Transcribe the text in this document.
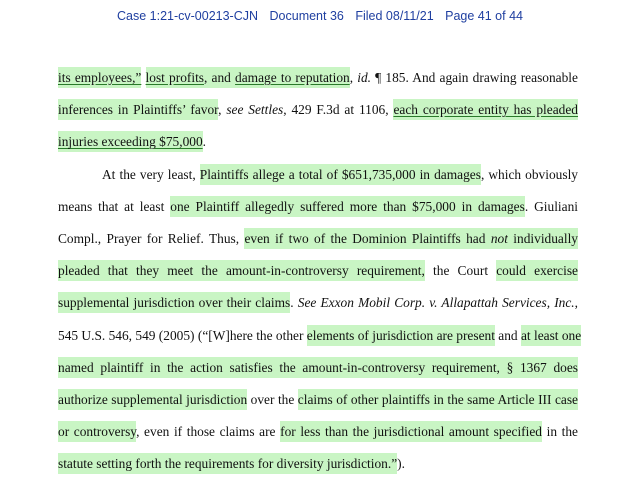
Case 1:21-cv-00213-CJN Document 36 Filed 08/11/21 Page 41 of 44
its employees,” lost profits, and damage to reputation, id. ¶ 185. And again drawing reasonable
inferences in Plaintiffs’ favor, see Settles, 429 F.3d at 1106, each corporate entity has pleaded
injuries exceeding $75,000.
At the very least, Plaintiffs allege a total of $651,735,000 in damages, which obviously
means that at least one Plaintiff allegedly suffered more than $75,000 in damages. Giuliani
Compl., Prayer for Relief. Thus, even if two of the Dominion Plaintiffs had not individually
pleaded that they meet the amount-in-controversy requirement, the Court could exercise
supplemental jurisdiction over their claims. See Exxon Mobil Corp. v. Allapattah Services, Inc.,
545 U.S. 546, 549 (2005) (“[W]here the other elements of jurisdiction are present and at least one
named plaintiff in the action satisfies the amount-in-controversy requirement, § 1367 does
authorize supplemental jurisdiction over the claims of other plaintiffs in the same Article III case
or controversy, even if those claims are for less than the jurisdictional amount specified in the
statute setting forth the requirements for diversity jurisdiction.”).
